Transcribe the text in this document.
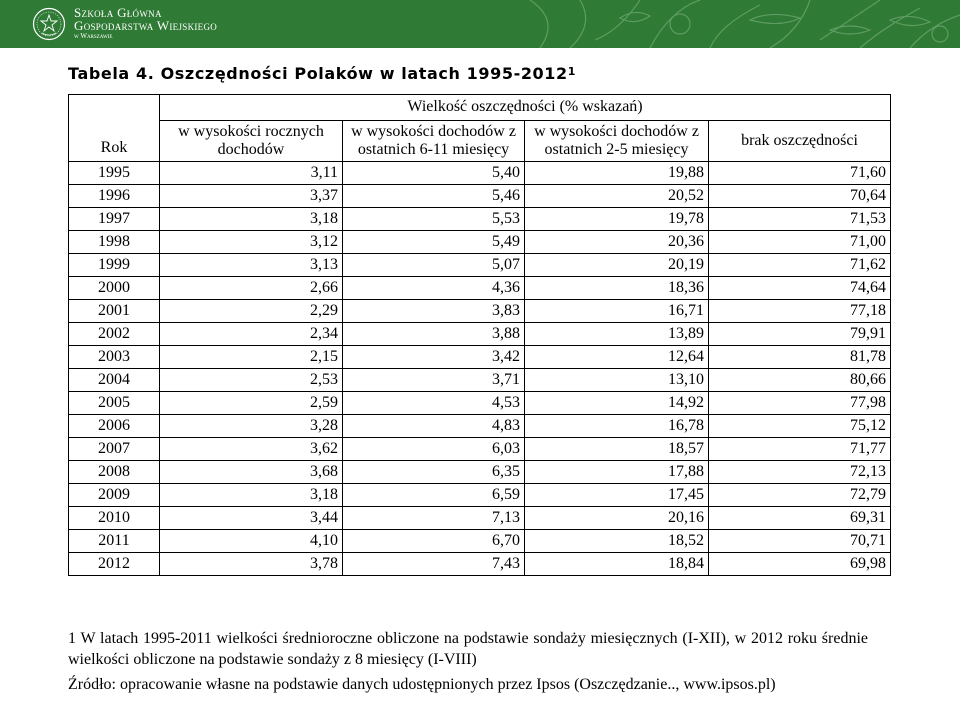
Szkoła Główna
Gospodarstwa Wiejskiego
w Warszawie
Tabela 4. Oszczędności Polaków w latach 1995-2012$^1$
Rok	Wielkość oszczędności (% wskazań)			
	w wysokości rocznych dochodów	w wysokości dochodów z ostatnich 6-11 miesięcy	w wysokości dochodów z ostatnich 2-5 miesięcy	brak oszczędności
1995	3,11	5,40	19,88	71,60
1996	3,37	5,46	20,52	70,64
1997	3,18	5,53	19,78	71,53
1998	3,12	5,49	20,36	71,00
1999	3,13	5,07	20,19	71,62
2000	2,66	4,36	18,36	74,64
2001	2,29	3,83	16,71	77,18
2002	2,34	3,88	13,89	79,91
2003	2,15	3,42	12,64	81,78
2004	2,53	3,71	13,10	80,66
2005	2,59	4,53	14,92	77,98
2006	3,28	4,83	16,78	75,12
2007	3,62	6,03	18,57	71,77
2008	3,68	6,35	17,88	72,13
2009	3,18	6,59	17,45	72,79
2010	3,44	7,13	20,16	69,31
2011	4,10	6,70	18,52	70,71
2012	3,78	7,43	18,84	69,98

1 W latach 1995-2011 wielkości średnioroczne obliczone na podstawie sondaży miesięcznych (I-XII), w 2012 roku średnie wielkości obliczone na podstawie sondaży z 8 miesięcy (I-VIII)

Źródło: opracowanie własne na podstawie danych udostępnionych przez Ipsos (Oszczędzanie.., www.ipsos.pl)
